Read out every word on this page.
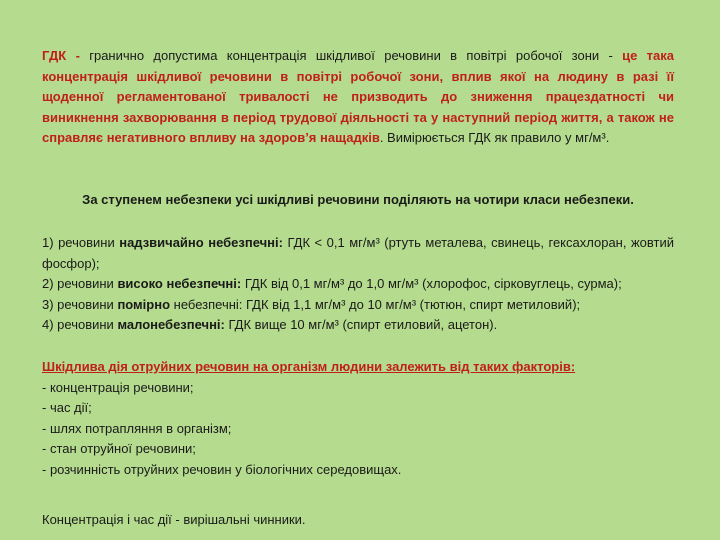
ГДК - гранично допустима концентрація шкідливої речовини в повітрі робочої зони - це така концентрація шкідливої речовини в повітрі робочої зони, вплив якої на людину в разі її щоденної регламентованої тривалості не призводить до зниження працездатності чи виникнення захворювання в період трудової діяльності та у наступний період життя, а також не справляє негативного впливу на здоров’я нащадків. Вимірюється ГДК як правило у мг/м³.
За ступенем небезпеки усі шкідливі речовини поділяють на чотири класи небезпеки.
1) речовини надзвичайно небезпечні: ГДК < 0,1 мг/м³ (ртуть металева, свинець, гексахлоран, жовтий фосфор);
2) речовини високо небезпечні: ГДК від 0,1 мг/м³ до 1,0 мг/м³ (хлорофос, сірковуглець, сурма);
3) речовини помірно небезпечні: ГДК від 1,1 мг/м³ до 10 мг/м³ (тютюн, спирт метиловий);
4) речовини малонебезпечні: ГДК вище 10 мг/м³ (спирт етиловий, ацетон).
Шкідлива дія отруйних речовин на організм людини залежить від таких факторів:
- концентрація речовини;
- час дії;
- шлях потрапляння в організм;
- стан отруйної речовини;
- розчинність отруйних речовин у біологічних середовищах.
Концентрація і час дії - вирішальні чинники.
